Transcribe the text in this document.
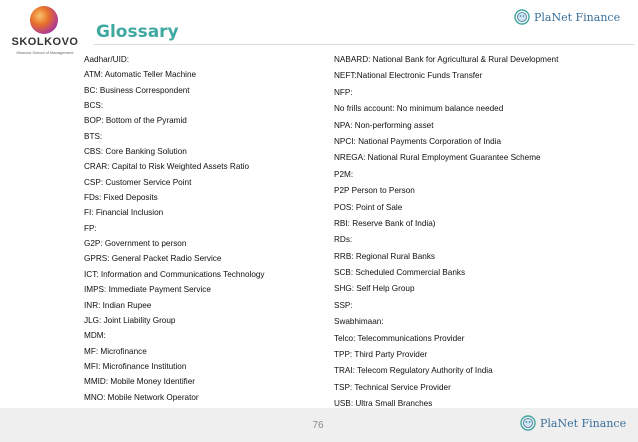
SKOLKOVO
Moscow School of Management
Glossary
PlaNet Finance
Aadhar/UID:
ATM: Automatic Teller Machine
BC: Business Correspondent
BCS:
BOP: Bottom of the Pyramid
BTS:
CBS: Core Banking Solution
CRAR: Capital to Risk Weighted Assets Ratio
CSP: Customer Service Point
FDs: Fixed Deposits
FI: Financial Inclusion
FP:
G2P: Government to person
GPRS: General Packet Radio Service
ICT: Information and Communications Technology
IMPS: Immediate Payment Service
INR: Indian Rupee
JLG: Joint Liability Group
MDM:
MF: Microfinance
MFI: Microfinance Institution
MMID: Mobile Money Identifier
MNO: Mobile Network Operator
NABARD: National Bank for Agricultural & Rural Development
NEFT:National Electronic Funds Transfer
NFP:
No frills account: No minimum balance needed
NPA: Non-performing asset
NPCI: National Payments Corporation of India
NREGA: National Rural Employment Guarantee Scheme
P2M:
P2P Person to Person
POS: Point of Sale
RBI: Reserve Bank of India)
RDs:
RRB: Regional Rural Banks
SCB: Scheduled Commercial Banks
SHG: Self Help Group
SSP:
Swabhimaan:
Telco: Telecommunications Provider
TPP: Third Party Provider
TRAI: Telecom Regulatory Authority of India
TSP: Technical Service Provider
USB: Ultra Small Branches
76	PlaNet Finance
